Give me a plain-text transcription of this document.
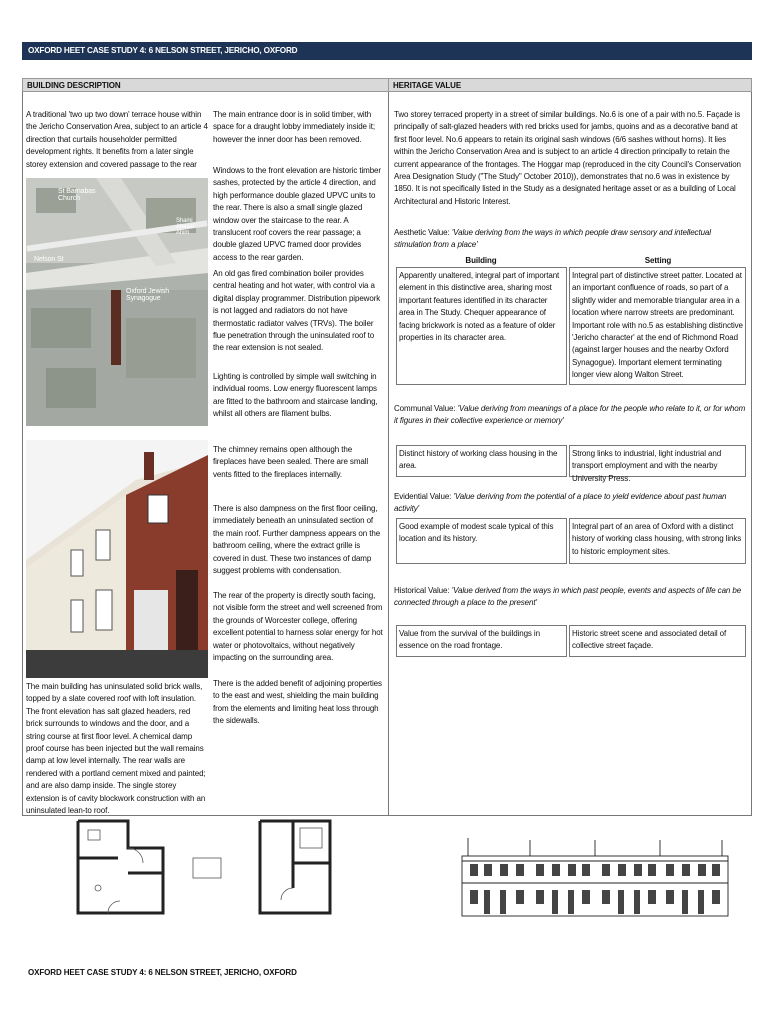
OXFORD HEET CASE STUDY 4: 6 NELSON STREET, JERICHO, OXFORD
BUILDING DESCRIPTION	HERITAGE VALUE

A traditional 'two up two down' terrace house within the Jericho Conservation Area, subject to an article 4 direction that curtails householder permitted development rights. It benefits from a later single storey extension and covered passage to the rear

St Barnabas Church
Nelson St
Oxford Jewish Synagogue
Shami Ahavat Ahim

The main building has uninsulated solid brick walls, topped by a slate covered roof with loft insulation. The front elevation has salt glazed headers, red brick surrounds to windows and the door, and a string course at first floor level. A chemical damp proof course has been injected but the wall remains damp at low level internally. The rear walls are rendered with a portland cement mixed and painted; and are also damp inside. The single storey extension is of cavity blockwork construction with an uninsulated lean-to roof.

The main entrance door is in solid timber, with space for a draught lobby immediately inside it; however the inner door has been removed.

Windows to the front elevation are historic timber sashes, protected by the article 4 direction, and high performance double glazed UPVC units to the rear. There is also a small single glazed window over the staircase to the rear. A translucent roof covers the rear passage; a double glazed UPVC framed door provides access to the rear garden.

An old gas fired combination boiler provides central heating and hot water, with control via a digital display programmer. Distribution pipework is not lagged and radiators do not have thermostatic radiator valves (TRVs). The boiler flue penetration through the uninsulated roof to the rear extension is not sealed.

Lighting is controlled by simple wall switching in individual rooms. Low energy fluorescent lamps are fitted to the bathroom and staircase landing, whilst all others are filament bulbs.

The chimney remains open although the fireplaces have been sealed. There are small vents fitted to the fireplaces internally.

There is also dampness on the first floor ceiling, immediately beneath an uninsulated section of the main roof. Further dampness appears on the bathroom ceiling, where the extract grille is covered in dust. These two instances of damp suggest problems with condensation.

The rear of the property is directly south facing, not visible form the street and well screened from the grounds of Worcester college, offering excellent potential to harness solar energy for hot water or photovoltaics, without negatively impacting on the surrounding area.

There is the added benefit of adjoining properties to the east and west, shielding the main building from the elements and limiting heat loss through the sidewalls.

Two storey terraced property in a street of similar buildings. No.6 is one of a pair with no.5. Façade is principally of salt-glazed headers with red bricks used for jambs, quoins and as a decorative band at first floor level. No.6 appears to retain its original sash windows (6/6 sashes without horns). It lies within the Jericho Conservation Area and is subject to an article 4 direction principally to retain the current appearance of the frontages. The Hoggar map (reproduced in the city Council's Conservation Area Designation Study ("The Study" October 2010)), demonstrates that no.6 was in existence by 1850. It is not specifically listed in the Study as a designated heritage asset or as a building of Local Architectural and Historic Interest.

Aesthetic Value: 'Value deriving from the ways in which people draw sensory and intellectual stimulation from a place'

Building	Setting
Apparently unaltered, integral part of important element in this distinctive area, sharing most important features identified in its character area in The Study. Chequer appearance of facing brickwork is noted as a feature of older properties in its character area.
Integral part of distinctive street patter. Located at an important confluence of roads, so part of a slightly wider and memorable triangular area in a location where narrow streets are predominant. Important role with no.5 as establishing distinctive 'Jericho character' at the end of Richmond Road (against larger houses and the nearby Oxford Synagogue). Important element terminating longer view along Walton Street.

Communal Value: 'Value deriving from meanings of a place for the people who relate to it, or for whom it figures in their collective experience or memory'

Distinct history of working class housing in the area.
Strong links to industrial, light industrial and transport employment and with the nearby University Press.

Evidential Value: 'Value deriving from the potential of a place to yield evidence about past human activity'

Good example of modest scale typical of this location and its history.
Integral part of an area of Oxford with a distinct history of working class housing, with strong links to historic employment sites.

Historical Value: 'Value derived from the ways in which past people, events and aspects of life can be connected through a place to the present'

Value from the survival of the buildings in essence on the road frontage.
Historic street scene and associated detail of collective street façade.
OXFORD HEET CASE STUDY 4: 6 NELSON STREET, JERICHO, OXFORD
